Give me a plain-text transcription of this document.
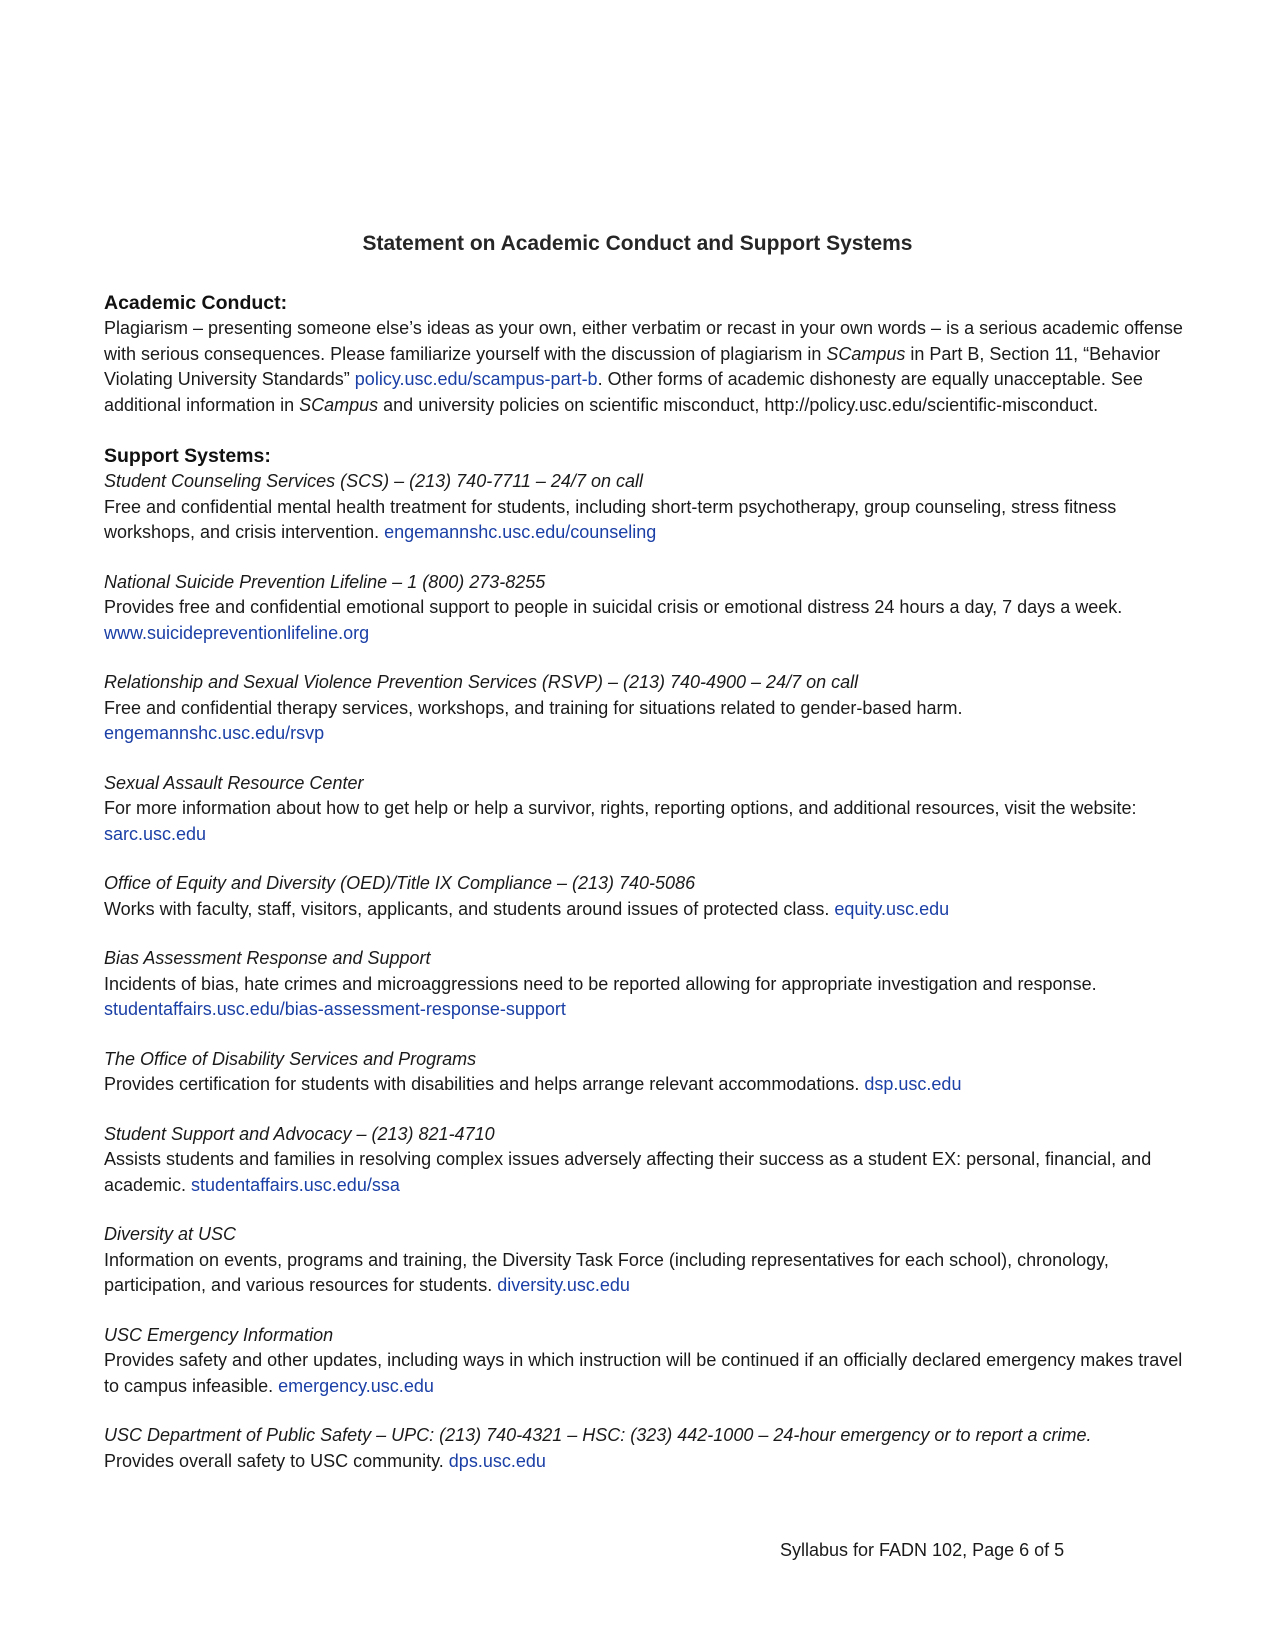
Statement on Academic Conduct and Support Systems
Academic Conduct:

Plagiarism – presenting someone else’s ideas as your own, either verbatim or recast in your own words – is a serious academic offense with serious consequences. Please familiarize yourself with the discussion of plagiarism in SCampus in Part B, Section 11, “Behavior Violating University Standards” policy.usc.edu/scampus-part-b. Other forms of academic dishonesty are equally unacceptable. See additional information in SCampus and university policies on scientific misconduct, http://policy.usc.edu/scientific-misconduct.

Support Systems:
Student Counseling Services (SCS) – (213) 740-7711 – 24/7 on call

Free and confidential mental health treatment for students, including short-term psychotherapy, group counseling, stress fitness workshops, and crisis intervention. engemannshc.usc.edu/counseling

National Suicide Prevention Lifeline – 1 (800) 273-8255

Provides free and confidential emotional support to people in suicidal crisis or emotional distress 24 hours a day, 7 days a week. www.suicidepreventionlifeline.org

Relationship and Sexual Violence Prevention Services (RSVP) – (213) 740-4900 – 24/7 on call

Free and confidential therapy services, workshops, and training for situations related to gender-based harm. engemannshc.usc.edu/rsvp

Sexual Assault Resource Center

For more information about how to get help or help a survivor, rights, reporting options, and additional resources, visit the website: sarc.usc.edu

Office of Equity and Diversity (OED)/Title IX Compliance – (213) 740-5086

Works with faculty, staff, visitors, applicants, and students around issues of protected class. equity.usc.edu

Bias Assessment Response and Support

Incidents of bias, hate crimes and microaggressions need to be reported allowing for appropriate investigation and response. studentaffairs.usc.edu/bias-assessment-response-support

The Office of Disability Services and Programs

Provides certification for students with disabilities and helps arrange relevant accommodations. dsp.usc.edu

Student Support and Advocacy – (213) 821-4710

Assists students and families in resolving complex issues adversely affecting their success as a student EX: personal, financial, and academic. studentaffairs.usc.edu/ssa

Diversity at USC

Information on events, programs and training, the Diversity Task Force (including representatives for each school), chronology, participation, and various resources for students. diversity.usc.edu

USC Emergency Information

Provides safety and other updates, including ways in which instruction will be continued if an officially declared emergency makes travel to campus infeasible. emergency.usc.edu

USC Department of Public Safety – UPC: (213) 740-4321 – HSC: (323) 442-1000 – 24-hour emergency or to report a crime.

Provides overall safety to USC community. dps.usc.edu

Syllabus for FADN 102, Page 6 of 5
